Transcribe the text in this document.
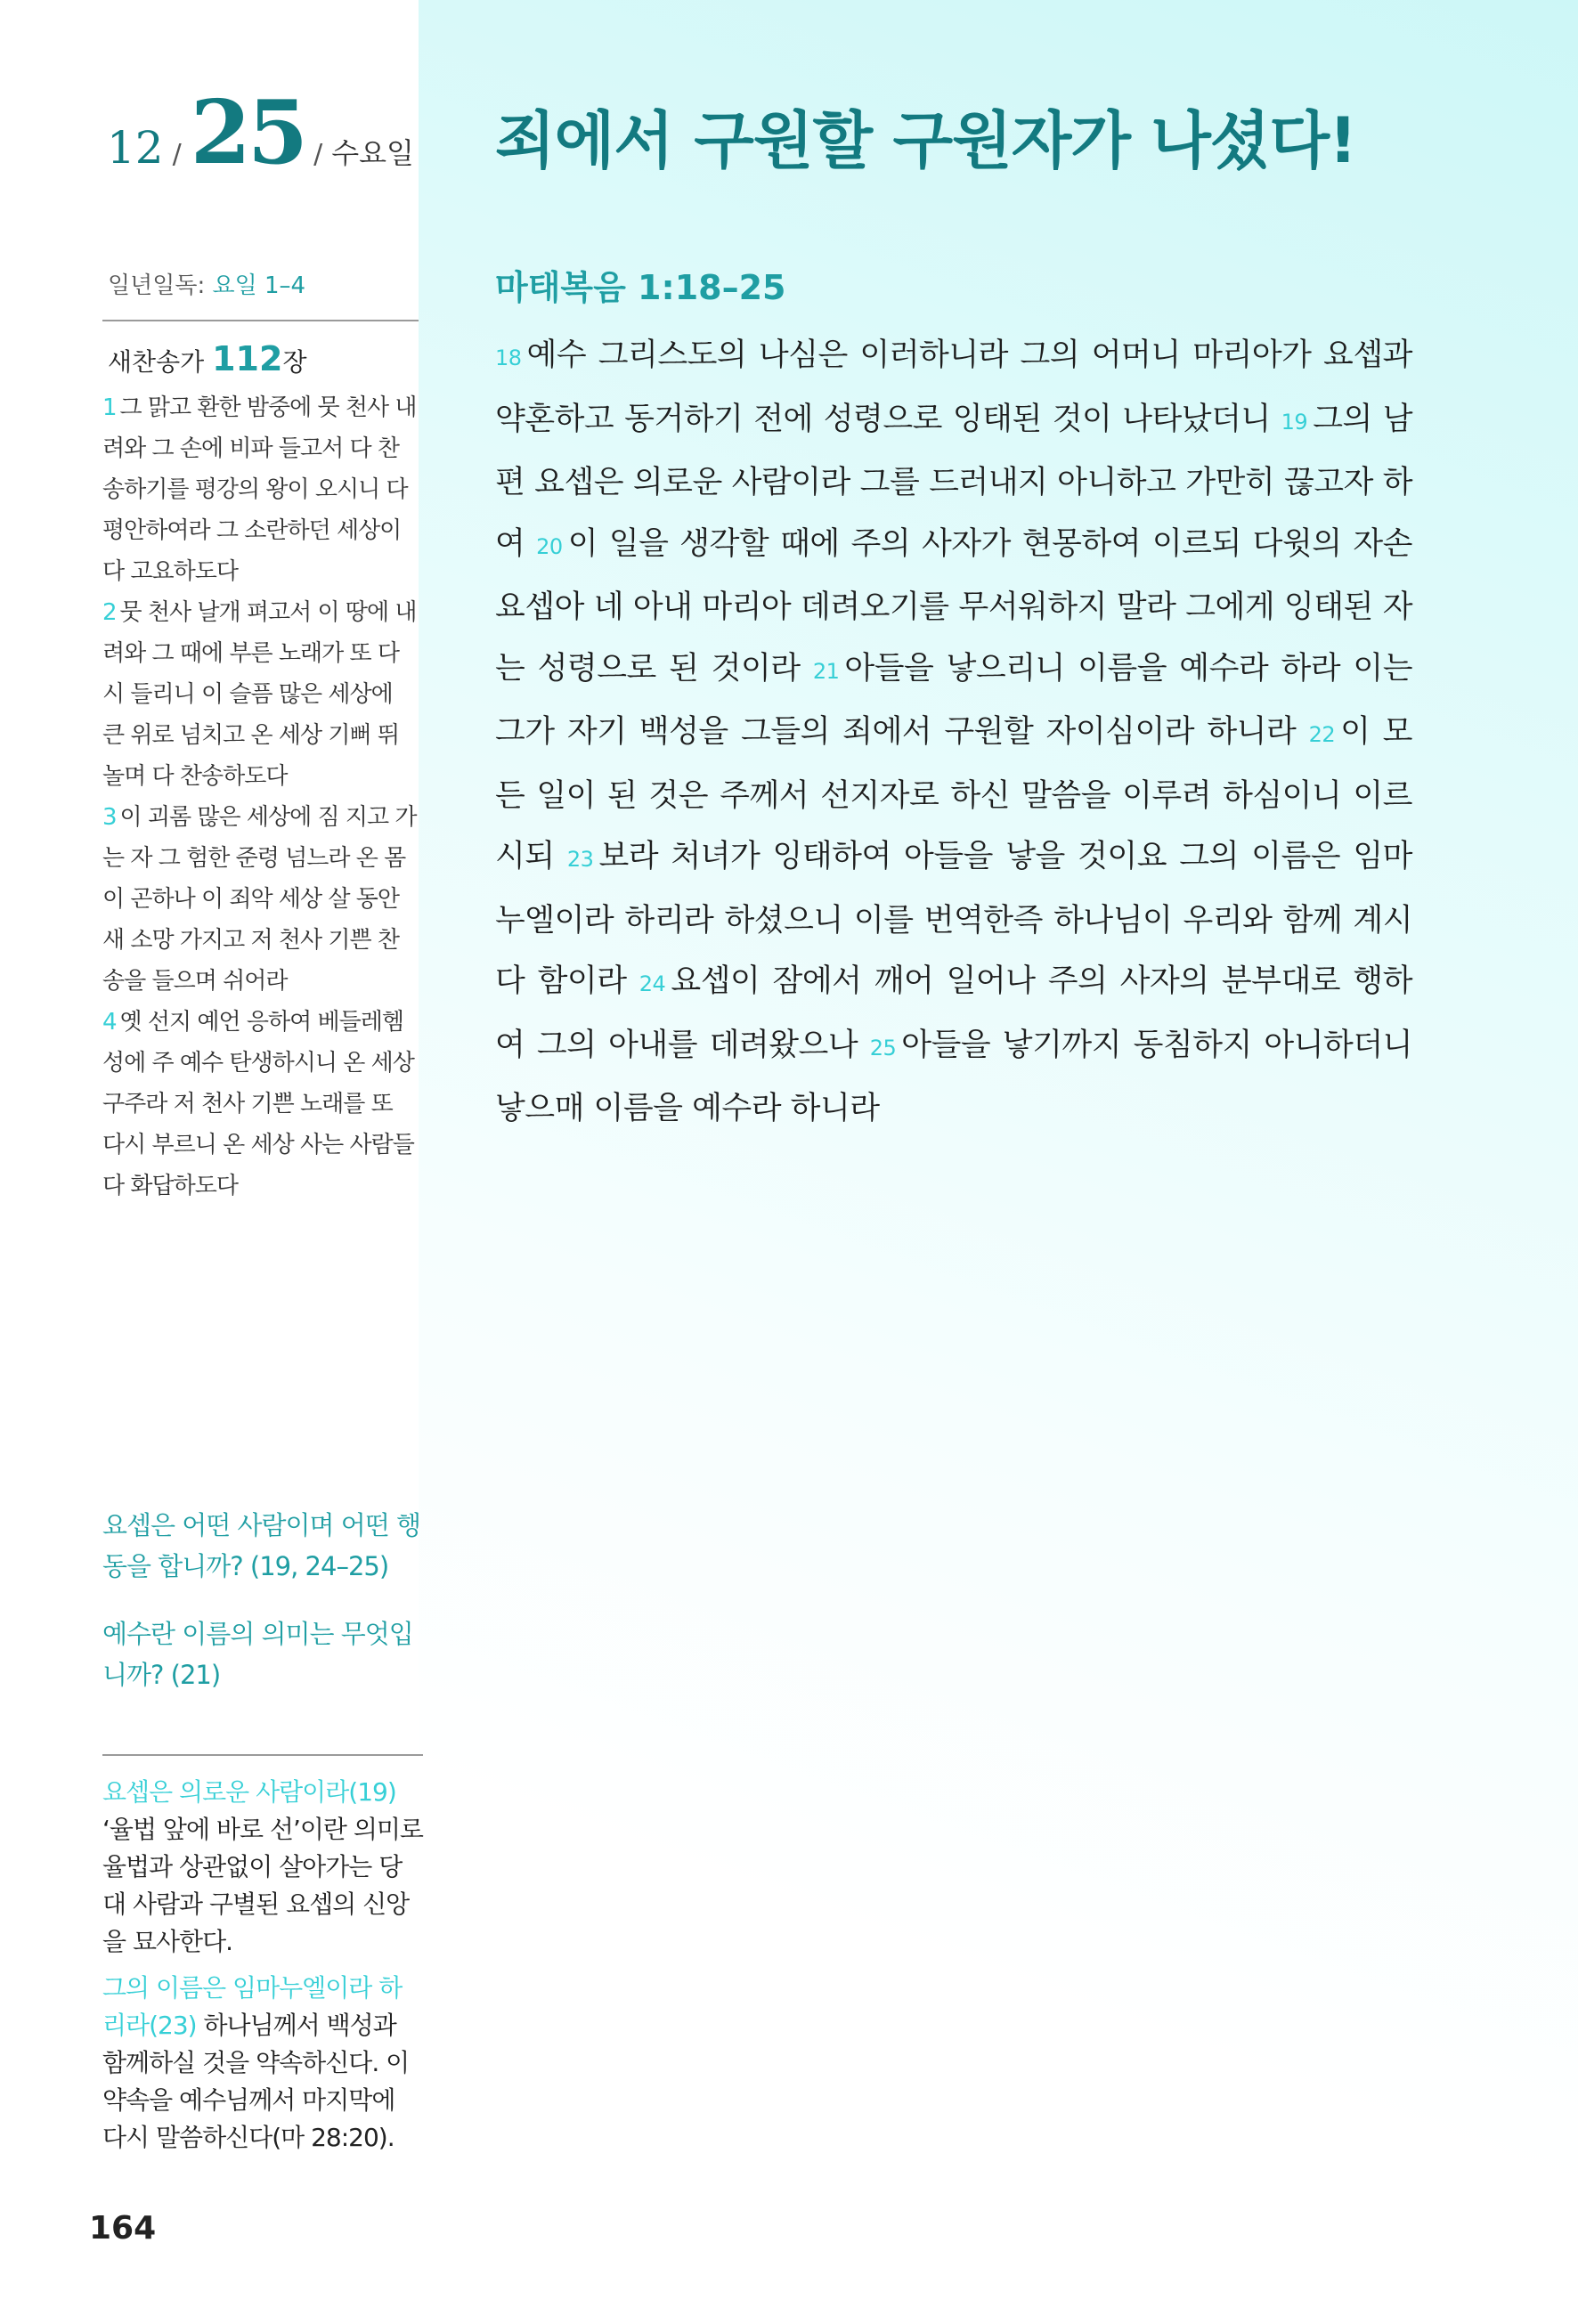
12 / 25 / 수요일 죄에서 구원할 구원자가 나셨다!
일년일독: 요일 1–4
새찬송가 112장

1 그 맑고 환한 밤중에 뭇 천사 내려와 그 손에 비파 들고서 다 찬송하기를 평강의 왕이 오시니 다 평안하여라 그 소란하던 세상이 다 고요하도다

2 뭇 천사 날개 펴고서 이 땅에 내려와 그 때에 부른 노래가 또 다시 들리니 이 슬픔 많은 세상에 큰 위로 넘치고 온 세상 기뻐 뛰놀며 다 찬송하도다

3 이 괴롬 많은 세상에 짐 지고 가는 자 그 험한 준령 넘느라 온 몸이 곤하나 이 죄악 세상 살 동안 새 소망 가지고 저 천사 기쁜 찬송을 들으며 쉬어라

4 옛 선지 예언 응하여 베들레헴 성에 주 예수 탄생하시니 온 세상 구주라 저 천사 기쁜 노래를 또 다시 부르니 온 세상 사는 사람들 다 화답하도다

요셉은 어떤 사람이며 어떤 행동을 합니까? (19, 24–25)

예수란 이름의 의미는 무엇입니까? (21)

요셉은 의로운 사람이라(19) ‘율법 앞에 바로 선’이란 의미로 율법과 상관없이 살아가는 당대 사람과 구별된 요셉의 신앙을 묘사한다.

그의 이름은 임마누엘이라 하리라(23) 하나님께서 백성과 함께하실 것을 약속하신다. 이 약속을 예수님께서 마지막에 다시 말씀하신다(마 28:20).

마태복음 1:18–25

18 예수 그리스도의 나심은 이러하니라 그의 어머니 마리아가 요셉과 약혼하고 동거하기 전에 성령으로 잉태된 것이 나타났더니 19 그의 남편 요셉은 의로운 사람이라 그를 드러내지 아니하고 가만히 끊고자 하여 20 이 일을 생각할 때에 주의 사자가 현몽하여 이르되 다윗의 자손 요셉아 네 아내 마리아 데려오기를 무서워하지 말라 그에게 잉태된 자는 성령으로 된 것이라 21 아들을 낳으리니 이름을 예수라 하라 이는 그가 자기 백성을 그들의 죄에서 구원할 자이심이라 하니라 22 이 모든 일이 된 것은 주께서 선지자로 하신 말씀을 이루려 하심이니 이르시되 23 보라 처녀가 잉태하여 아들을 낳을 것이요 그의 이름은 임마누엘이라 하리라 하셨으니 이를 번역한즉 하나님이 우리와 함께 계시다 함이라 24 요셉이 잠에서 깨어 일어나 주의 사자의 분부대로 행하여 그의 아내를 데려왔으나 25 아들을 낳기까지 동침하지 아니하더니 낳으매 이름을 예수라 하니라

164
